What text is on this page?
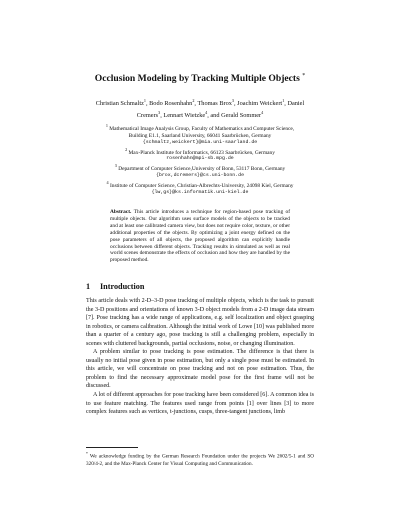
Occlusion Modeling by Tracking Multiple Objects *
Christian Schmaltz$^1$, Bodo Rosenhahn$^2$, Thomas Brox$^3$, Joachim Weickert$^1$, Daniel Cremers$^3$, Lennart Wietzke$^4$, and Gerald Sommer$^4$
$^1$ Mathematical Image Analysis Group, Faculty of Mathematics and Computer Science,
Building E1.1, Saarland University, 66041 Saarbrücken, Germany
{schmaltz,weickert}@mia.uni-saarland.de
$^2$ Max-Planck Institute for Informatics, 66123 Saarbrücken, Germany
rosenhahn@mpi-sb.mpg.de
$^3$ Department of Computer Science,University of Bonn, 53117 Bonn, Germany
{brox,dcremers}@cs.uni-bonn.de
$^4$ Institute of Computer Science, Christian-Albrechts-University, 24098 Kiel, Germany
{lw,gs}@ks.informatik.uni-kiel.de
Abstract. This article introduces a technique for region-based pose tracking of multiple objects. Our algorithm uses surface models of the objects to be tracked and at least one calibrated camera view, but does not require color, texture, or other additional properties of the objects. By optimizing a joint energy defined on the pose parameters of all objects, the proposed algorithm can explicitly handle occlusions between different objects. Tracking results in simulated as well as real world scenes demonstrate the effects of occlusion and how they are handled by the proposed method.
1 Introduction

This article deals with 2-D–3-D pose tracking of multiple objects, which is the task to pursuit the 3-D positions and orientations of known 3-D object models from a 2-D image data stream [7]. Pose tracking has a wide range of applications, e.g. self localization and object grasping in robotics, or camera calibration. Although the initial work of Lowe [10] was published more than a quarter of a century ago, pose tracking is still a challenging problem, especially in scenes with cluttered backgrounds, partial occlusions, noise, or changing illumination.

A problem similar to pose tracking is pose estimation. The difference is that there is usually no initial pose given in pose estimation, but only a single pose must be estimated. In this article, we will concentrate on pose tracking and not on pose estimation. Thus, the problem to find the necessary approximate model pose for the first frame will not be discussed.

A lot of different approaches for pose tracking have been considered [6]. A common idea is to use feature matching. The features used range from points [1] over lines [3] to more complex features such as vertices, t-junctions, cusps, three-tangent junctions, limb

* We acknowledge funding by the German Research Foundation under the projects We 2602/5-1 and SO 320/4-2, and the Max-Planck Center for Visual Computing and Communication.
